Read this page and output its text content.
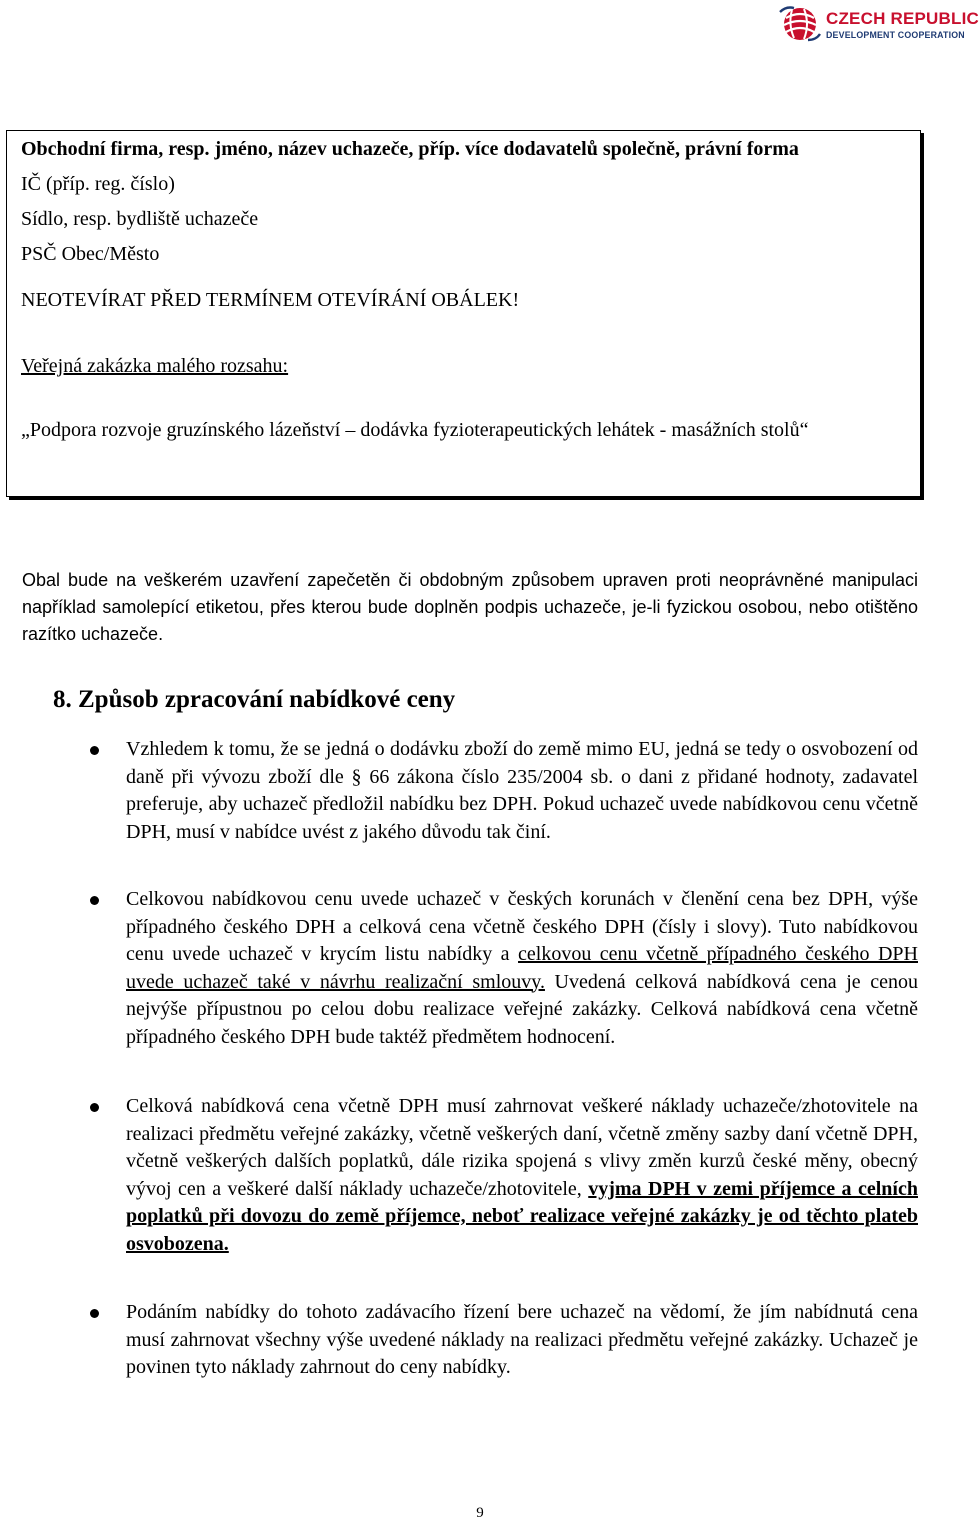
CZECH REPUBLIC
DEVELOPMENT COOPERATION
Obchodní firma, resp. jméno, název uchazeče, příp. více dodavatelů společně, právní forma
IČ (příp. reg. číslo)
Sídlo, resp. bydliště uchazeče
PSČ Obec/Město
NEOTEVÍRAT PŘED TERMÍNEM OTEVÍRÁNÍ OBÁLEK!
Veřejná zakázka malého rozsahu:
„Podpora rozvoje gruzínského lázeňství – dodávka fyzioterapeutických lehátek - masážních stolů“
Obal bude na veškerém uzavření zapečetěn či obdobným způsobem upraven proti neoprávněné manipulaci například samolepící etiketou, přes kterou bude doplněn podpis uchazeče, je-li fyzickou osobou, nebo otištěno razítko uchazeče.
8. Způsob zpracování nabídkové ceny
Vzhledem k tomu, že se jedná o dodávku zboží do země mimo EU, jedná se tedy o osvobození od daně při vývozu zboží dle § 66 zákona číslo 235/2004 sb. o dani z přidané hodnoty, zadavatel preferuje, aby uchazeč předložil nabídku bez DPH. Pokud uchazeč uvede nabídkovou cenu včetně DPH, musí v nabídce uvést z jakého důvodu tak činí.
Celkovou nabídkovou cenu uvede uchazeč v českých korunách v členění cena bez DPH, výše případného českého DPH a celková cena včetně českého DPH (čísly i slovy). Tuto nabídkovou cenu uvede uchazeč v krycím listu nabídky a celkovou cenu včetně případného českého DPH uvede uchazeč také v návrhu realizační smlouvy. Uvedená celková nabídková cena je cenou nejvýše přípustnou po celou dobu realizace veřejné zakázky. Celková nabídková cena včetně případného českého DPH bude taktéž předmětem hodnocení.
Celková nabídková cena včetně DPH musí zahrnovat veškeré náklady uchazeče/zhotovitele na realizaci předmětu veřejné zakázky, včetně veškerých daní, včetně změny sazby daní včetně DPH, včetně veškerých dalších poplatků, dále rizika spojená s vlivy změn kurzů české měny, obecný vývoj cen a veškeré další náklady uchazeče/zhotovitele, vyjma DPH v zemi příjemce a celních poplatků při dovozu do země příjemce, neboť realizace veřejné zakázky je od těchto plateb osvobozena.
Podáním nabídky do tohoto zadávacího řízení bere uchazeč na vědomí, že jím nabídnutá cena musí zahrnovat všechny výše uvedené náklady na realizaci předmětu veřejné zakázky. Uchazeč je povinen tyto náklady zahrnout do ceny nabídky.
9
